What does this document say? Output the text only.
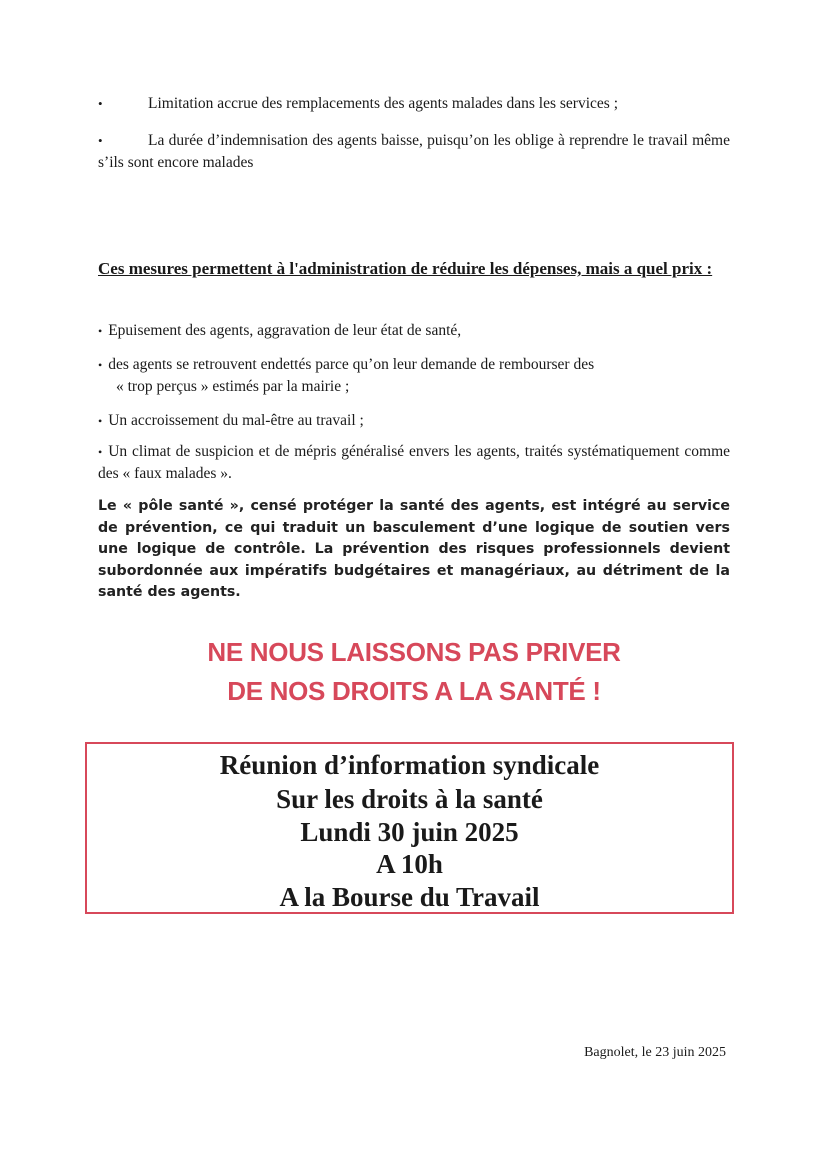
•	Limitation accrue des remplacements des agents malades dans les services ;
•	La durée d’indemnisation des agents baisse, puisqu’on les oblige à reprendre le travail même s’ils sont encore malades
Ces mesures permettent à l'administration de réduire les dépenses, mais a quel prix :
• Epuisement des agents, aggravation de leur état de santé,
• des agents se retrouvent endettés parce qu’on leur demande de rembourser des
« trop perçus » estimés par la mairie ;
• Un accroissement du mal-être au travail ;
• Un climat de suspicion et de mépris généralisé envers les agents, traités systématiquement comme des « faux malades ».
Le « pôle santé », censé protéger la santé des agents, est intégré au service de prévention, ce qui traduit un basculement d’une logique de soutien vers une logique de contrôle. La prévention des risques professionnels devient subordonnée aux impératifs budgétaires et managériaux, au détriment de la santé des agents.
NE NOUS LAISSONS PAS PRIVER
DE NOS DROITS A LA SANTÉ !
Réunion d’information syndicale
Sur les droits à la santé
Lundi 30 juin 2025
A 10h
A la Bourse du Travail
Bagnolet, le 23 juin 2025
